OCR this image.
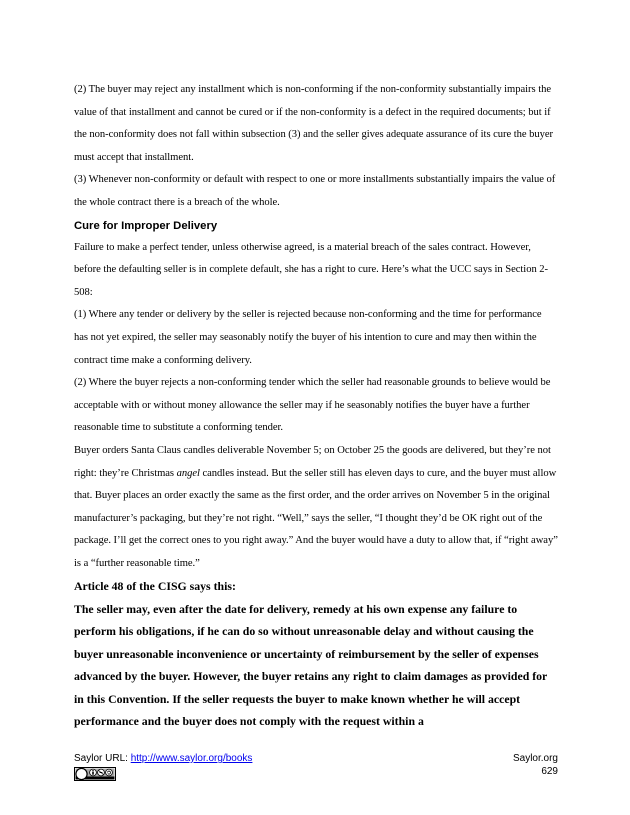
(2) The buyer may reject any installment which is non-conforming if the non-conformity substantially impairs the value of that installment and cannot be cured or if the non-conformity is a defect in the required documents; but if the non-conformity does not fall within subsection (3) and the seller gives adequate assurance of its cure the buyer must accept that installment.

(3) Whenever non-conformity or default with respect to one or more installments substantially impairs the value of the whole contract there is a breach of the whole.

Cure for Improper Delivery

Failure to make a perfect tender, unless otherwise agreed, is a material breach of the sales contract. However, before the defaulting seller is in complete default, she has a right to cure. Here’s what the UCC says in Section 2-508:

(1) Where any tender or delivery by the seller is rejected because non-conforming and the time for performance has not yet expired, the seller may seasonably notify the buyer of his intention to cure and may then within the contract time make a conforming delivery.

(2) Where the buyer rejects a non-conforming tender which the seller had reasonable grounds to believe would be acceptable with or without money allowance the seller may if he seasonably notifies the buyer have a further reasonable time to substitute a conforming tender.

Buyer orders Santa Claus candles deliverable November 5; on October 25 the goods are delivered, but they’re not right: they’re Christmas angel candles instead. But the seller still has eleven days to cure, and the buyer must allow that. Buyer places an order exactly the same as the first order, and the order arrives on November 5 in the original manufacturer’s packaging, but they’re not right. “Well,” says the seller, “I thought they’d be OK right out of the package. I’ll get the correct ones to you right away.” And the buyer would have a duty to allow that, if “right away” is a “further reasonable time.”

Article 48 of the CISG says this:

The seller may, even after the date for delivery, remedy at his own expense any failure to perform his obligations, if he can do so without unreasonable delay and without causing the buyer unreasonable inconvenience or uncertainty of reimbursement by the seller of expenses advanced by the buyer. However, the buyer retains any right to claim damages as provided for in this Convention. If the seller requests the buyer to make known whether he will accept performance and the buyer does not comply with the request within a

Saylor URL: http://www.saylor.org/books	Saylor.org
629
